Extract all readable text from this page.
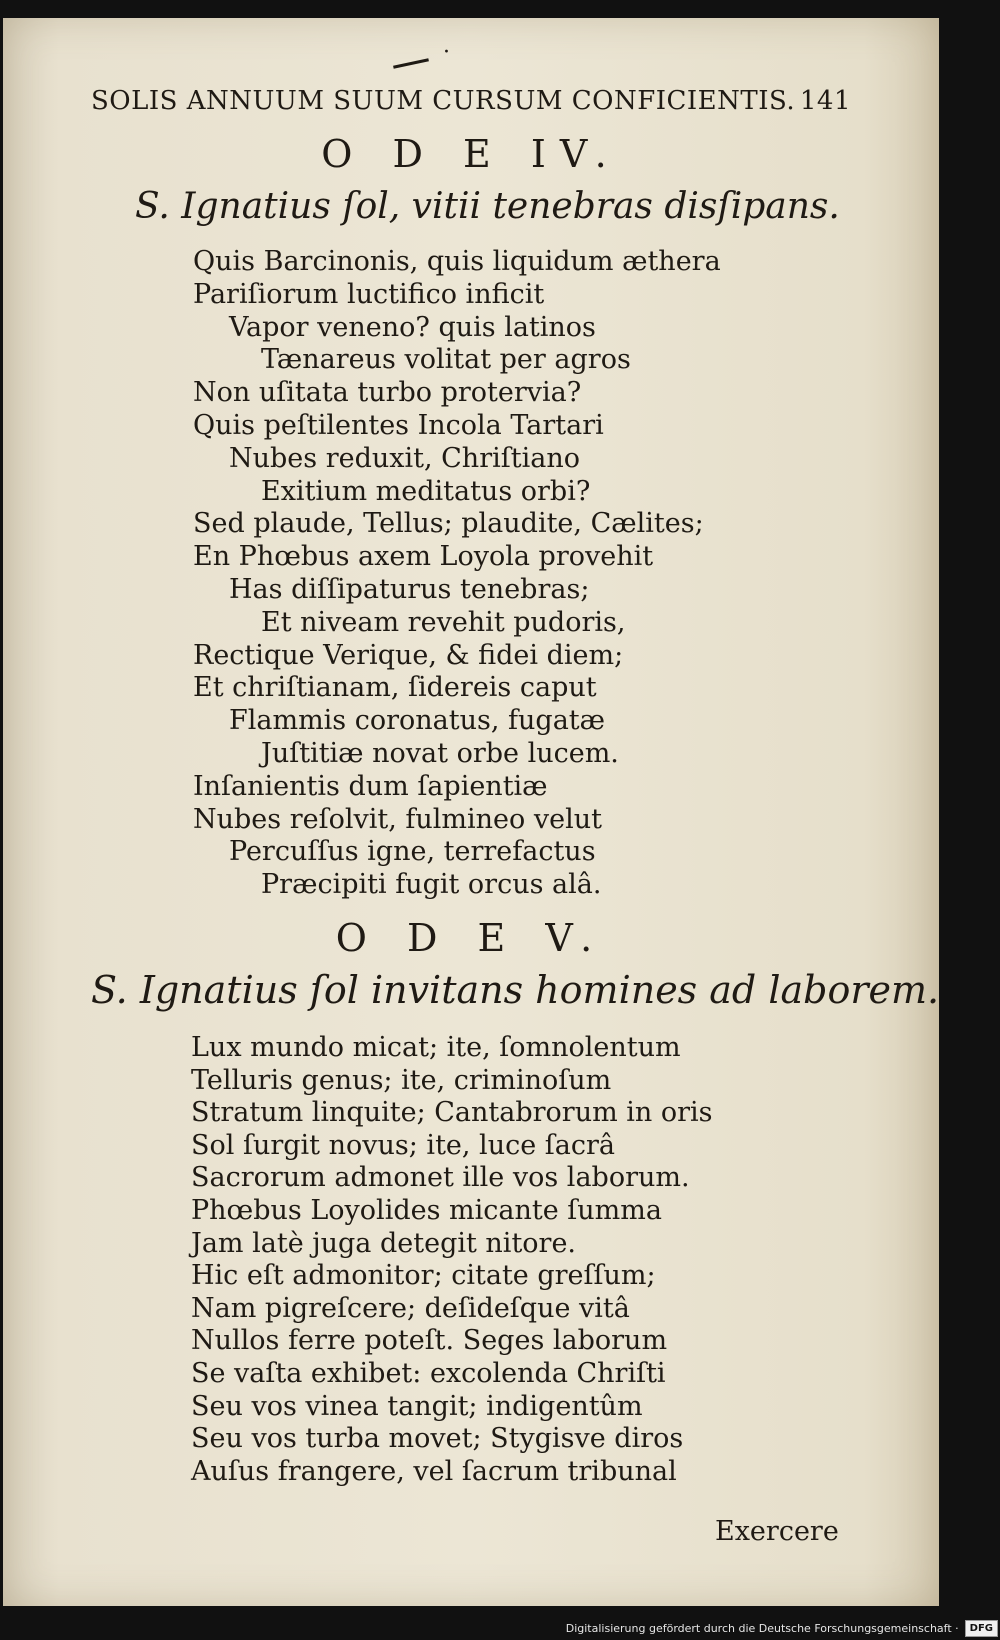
·
SOLIS ANNUUM SUUM CURSUM CONFICIENTIS. 141
O D E IV.
S. Ignatius ſol, vitii tenebras disſipans.
Quis Barcinonis, quis liquidum æthera
Pariſiorum luctifico inficit
Vapor veneno? quis latinos
Tænareus volitat per agros
Non uſitata turbo protervia?
Quis peſtilentes Incola Tartari
Nubes reduxit, Chriſtiano
Exitium meditatus orbi?
Sed plaude, Tellus; plaudite, Cælites;
En Phœbus axem Loyola provehit
Has diſſipaturus tenebras;
Et niveam revehit pudoris,
Rectique Verique, & fidei diem;
Et chriſtianam, ſidereis caput
Flammis coronatus, fugatæ
Juſtitiæ novat orbe lucem.
Inſanientis dum ſapientiæ
Nubes reſolvit, fulmineo velut
Percuſſus igne, terrefactus
Præcipiti fugit orcus alâ.
O D E V.
S. Ignatius ſol invitans homines ad laborem.
Lux mundo micat; ite, ſomnolentum
Telluris genus; ite, criminoſum
Stratum linquite; Cantabrorum in oris
Sol ſurgit novus; ite, luce ſacrâ
Sacrorum admonet ille vos laborum.
Phœbus Loyolides micante ſumma
Jam latè juga detegit nitore.
Hic eſt admonitor; citate greſſum;
Nam pigreſcere; deſideſque vitâ
Nullos ferre poteſt. Seges laborum
Se vaſta exhibet: excolenda Chriſti
Seu vos vinea tangit; indigentûm
Seu vos turba movet; Stygisve diros
Auſus frangere, vel ſacrum tribunal
Exercere
Digitalisierung gefördert durch die Deutsche Forschungsgemeinschaft ·	DFG
